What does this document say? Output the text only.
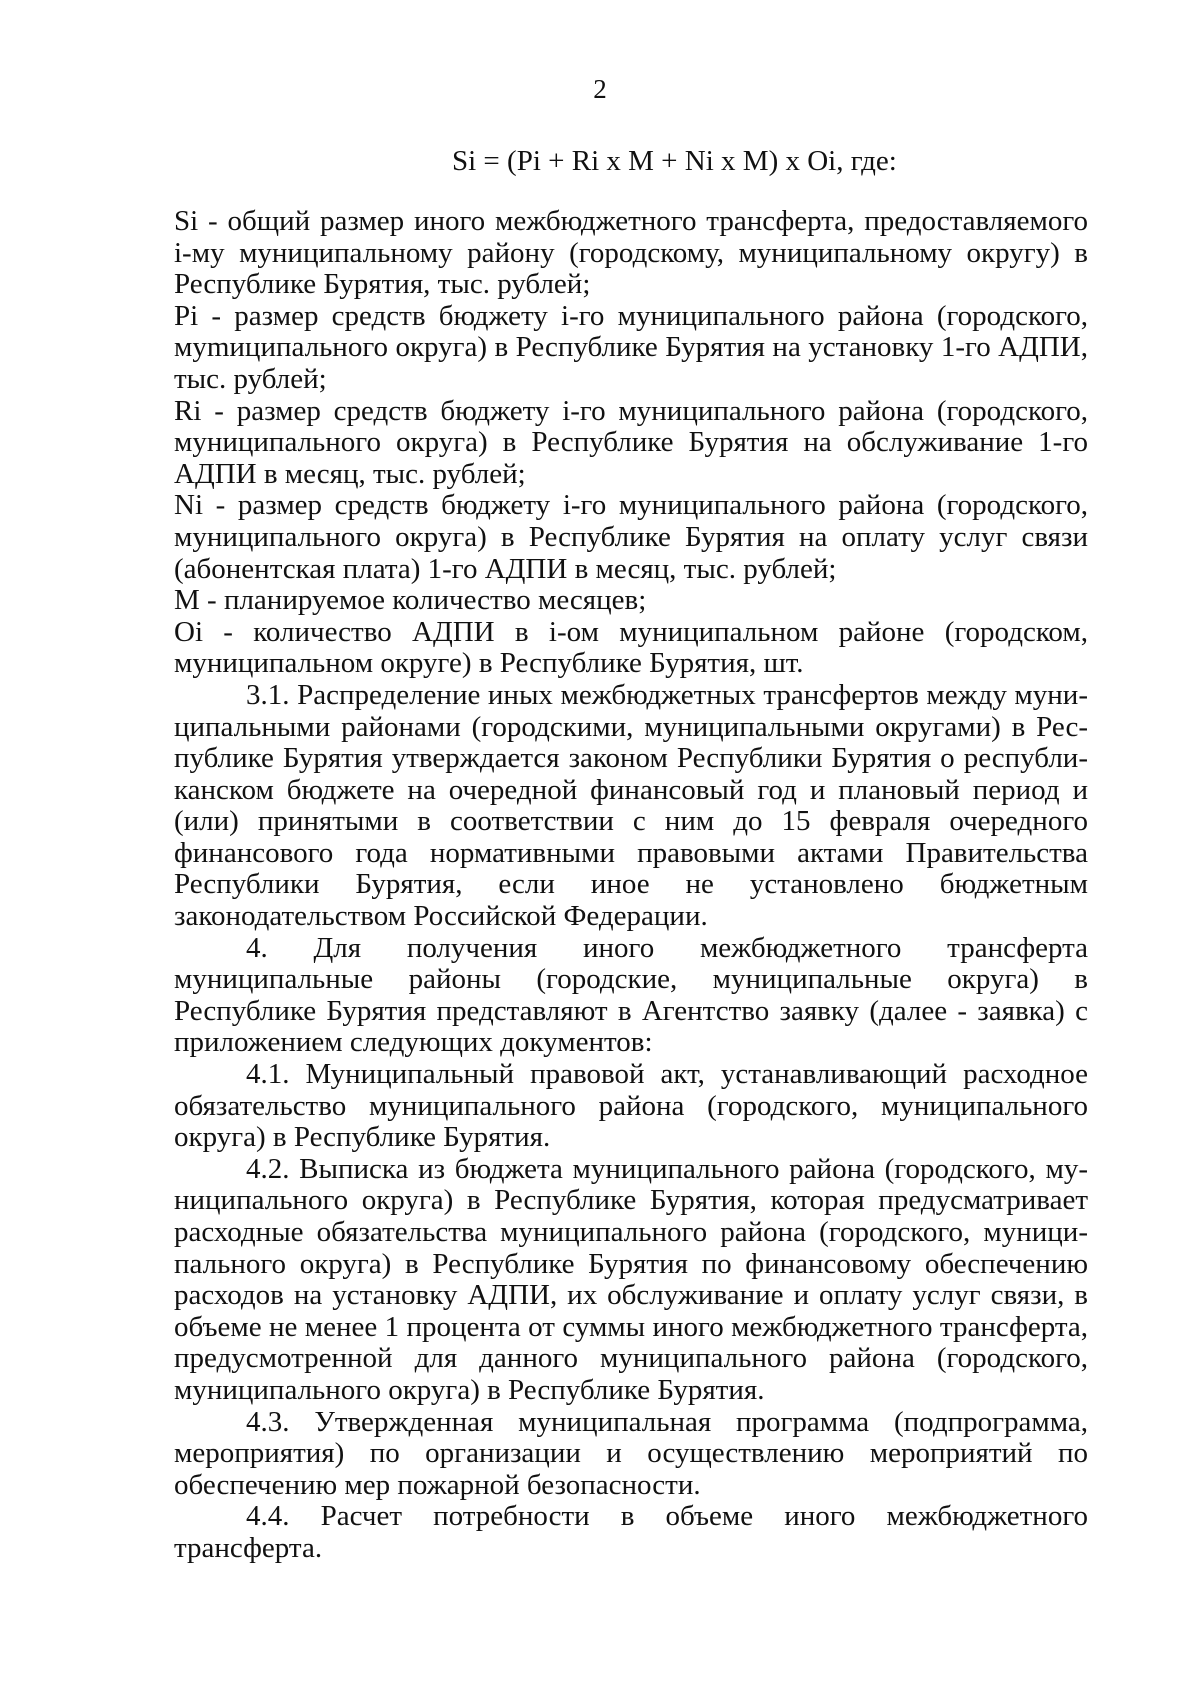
2
Si = (Pi + Ri x M + Ni x M) x Oi, где:

Si - общий размер иного межбюджетного трансферта, предоставляемого i-му муниципальному району (городскому, муниципальному округу) в Республике Бурятия, тыс. рублей;

Pi - размер средств бюджету i-го муниципального района (городского, муmиципального округа) в Республике Бурятия на установку 1-го АДПИ, тыс. рублей;

Ri - размер средств бюджету i-го муниципального района (городского, муниципального округа) в Республике Бурятия на обслуживание 1-го АДПИ в месяц, тыс. рублей;

Ni - размер средств бюджету i-го муниципального района (городского, муниципального округа) в Республике Бурятия на оплату услуг связи (абонентская плата) 1-го АДПИ в месяц, тыс. рублей;

M - планируемое количество месяцев;

Oi - количество АДПИ в i-ом муниципальном районе (городском, муниципальном округе) в Республике Бурятия, шт.

3.1. Распределение иных межбюджетных трансфертов между муниципальными районами (городскими, муниципальными округами) в Республике Бурятия утверждается законом Республики Бурятия о республиканском бюджете на очередной финансовый год и плановый период и (или) принятыми в соответствии с ним до 15 февраля очередного финансового года нормативными правовыми актами Правительства Республики Бурятия, если иное не установлено бюджетным законодательством Российской Федерации.

4. Для получения иного межбюджетного трансферта муниципальные районы (городские, муниципальные округа) в Республике Бурятия представляют в Агентство заявку (далее - заявка) с приложением следующих документов:

4.1. Муниципальный правовой акт, устанавливающий расходное обязательство муниципального района (городского, муниципального округа) в Республике Бурятия.

4.2. Выписка из бюджета муниципального района (городского, муниципального округа) в Республике Бурятия, которая предусматривает расходные обязательства муниципального района (городского, муниципального округа) в Республике Бурятия по финансовому обеспечению расходов на установку АДПИ, их обслуживание и оплату услуг связи, в объеме не менее 1 процента от суммы иного межбюджетного трансферта, предусмотренной для данного муниципального района (городского, муниципального округа) в Республике Бурятия.

4.3. Утвержденная муниципальная программа (подпрограмма, мероприятия) по организации и осуществлению мероприятий по обеспечению мер пожарной безопасности.

4.4. Расчет потребности в объеме иного межбюджетного трансферта.
